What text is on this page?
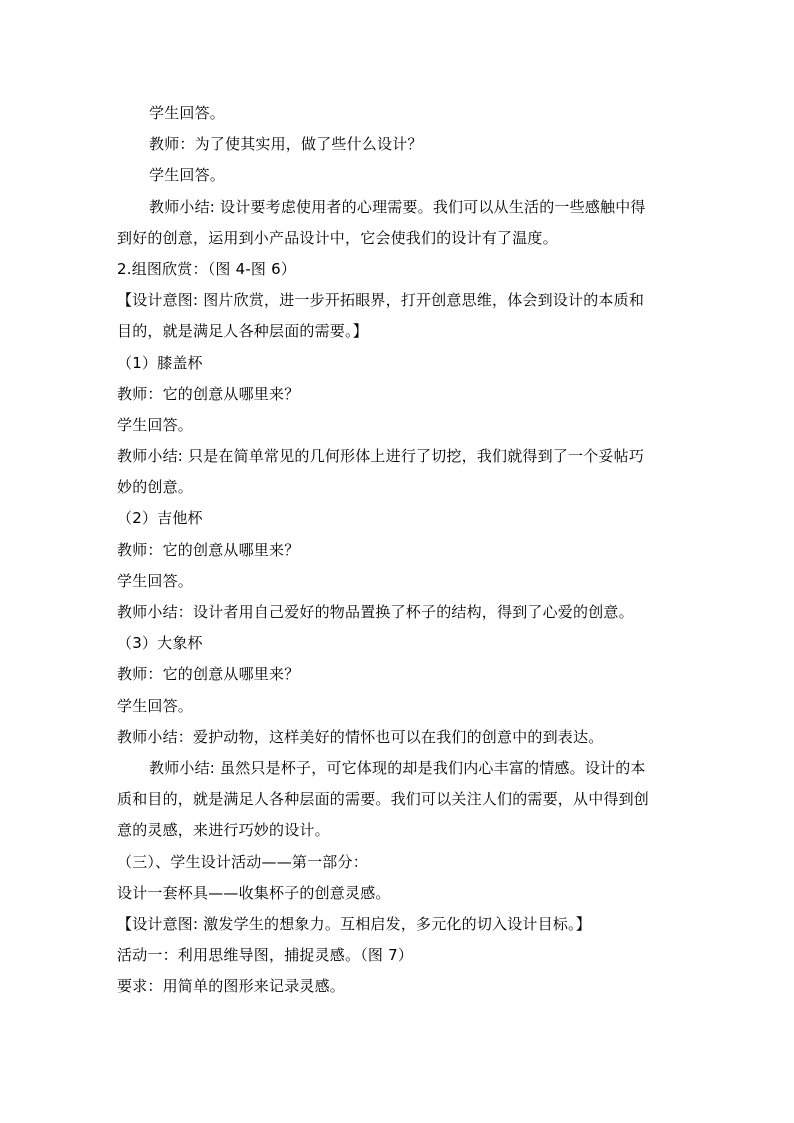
学生回答。
教师：为了使其实用，做了些什么设计？
学生回答。
教师小结: 设计要考虑使用者的心理需要。我们可以从生活的一些感触中得
到好的创意，运用到小产品设计中，它会使我们的设计有了温度。
2.组图欣赏：（图 4-图 6）
【设计意图: 图片欣赏，进一步开拓眼界，打开创意思维，体会到设计的本质和
目的，就是满足人各种层面的需要。】
（1）膝盖杯
教师：它的创意从哪里来？
学生回答。
教师小结: 只是在简单常见的几何形体上进行了切挖，我们就得到了一个妥帖巧
妙的创意。
（2）吉他杯
教师：它的创意从哪里来？
学生回答。
教师小结：设计者用自己爱好的物品置换了杯子的结构，得到了心爱的创意。
（3）大象杯
教师：它的创意从哪里来？
学生回答。
教师小结：爱护动物，这样美好的情怀也可以在我们的创意中的到表达。
教师小结: 虽然只是杯子，可它体现的却是我们内心丰富的情感。设计的本
质和目的，就是满足人各种层面的需要。我们可以关注人们的需要，从中得到创
意的灵感，来进行巧妙的设计。
（三）、学生设计活动——第一部分：
设计一套杯具——收集杯子的创意灵感。
【设计意图: 激发学生的想象力。互相启发，多元化的切入设计目标。】
活动一：利用思维导图，捕捉灵感。（图 7）
要求：用简单的图形来记录灵感。
